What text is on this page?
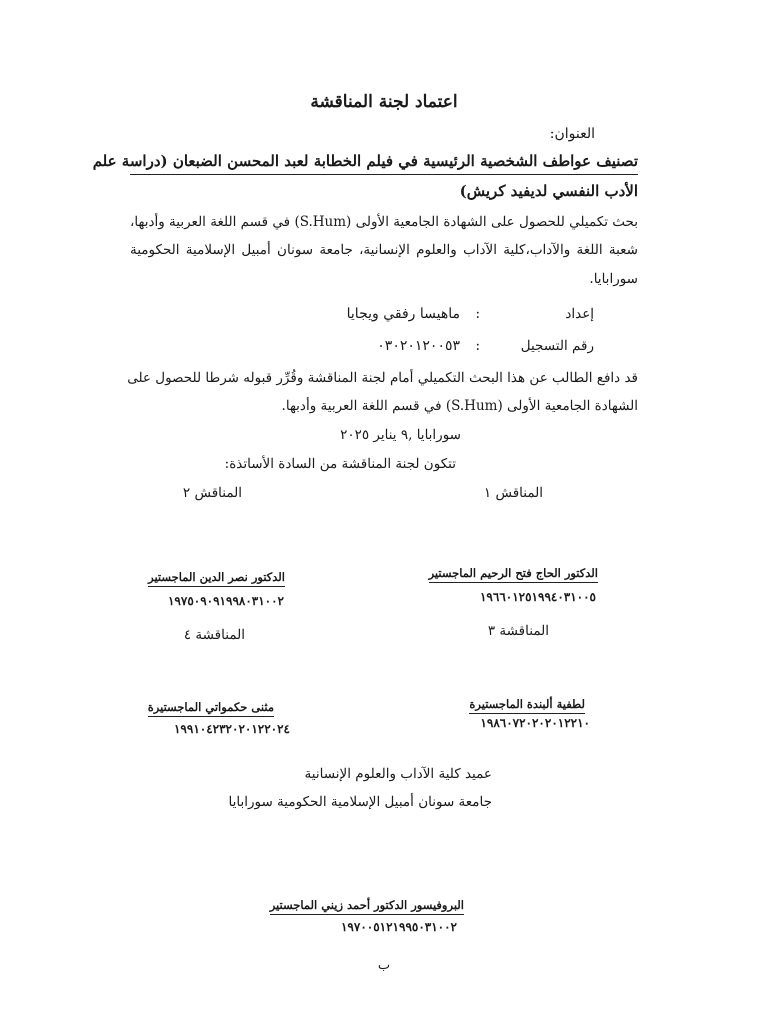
اعتماد لجنة المناقشة
العنوان:
تصنيف عواطف الشخصية الرئيسية في فيلم الخطابة لعبد المحسن الضبعان (دراسة علم
الأدب النفسي لديفيد كريش)
بحث تكميلي للحصول على الشهادة الجامعية الأولى (S.Hum) في قسم اللغة العربية وأدبها،
شعبة اللغة والآداب،كلية الآداب والعلوم الإنسانية، جامعة سونان أمبيل الإسلامية الحكومية
سورابايا.
إعداد
:
ماهيسا رفقي ويجايا
رقم التسجيل
:
٠٣٠٢٠١٢٠٠٥٣
قد دافع الطالب عن هذا البحث التكميلي أمام لجنة المناقشة وقُرِّر قبوله شرطا للحصول على
الشهادة الجامعية الأولى (S.Hum) في قسم اللغة العربية وأدبها.
سورابايا ,٩ يناير ٢٠٢٥
تتكون لجنة المناقشة من السادة الأساتذة:
المناقش ١
المناقش ٢
الدكتور الحاج فتح الرحيم الماجستير
١٩٦٦٠١٢٥١٩٩٤٠٣١٠٠٥
الدكتور نصر الدين الماجستير
١٩٧٥٠٩٠٩١٩٩٨٠٣١٠٠٢
المناقشة ٣
المناقشة ٤
لطفية ألبندة الماجستيرة
١٩٨٦٠٧٢٠٢٠٢٠١٢٢١٠
مثنى حكمواتي الماجستيرة
١٩٩١٠٤٢٣٢٠٢٠١٢٢٠٢٤
عميد كلية الآداب والعلوم الإنسانية
جامعة سونان أمبيل الإسلامية الحكومية سورابايا
البروفيسور الدكتور أحمد زيني الماجستير
١٩٧٠٠٥١٢١٩٩٥٠٣١٠٠٢
ب
